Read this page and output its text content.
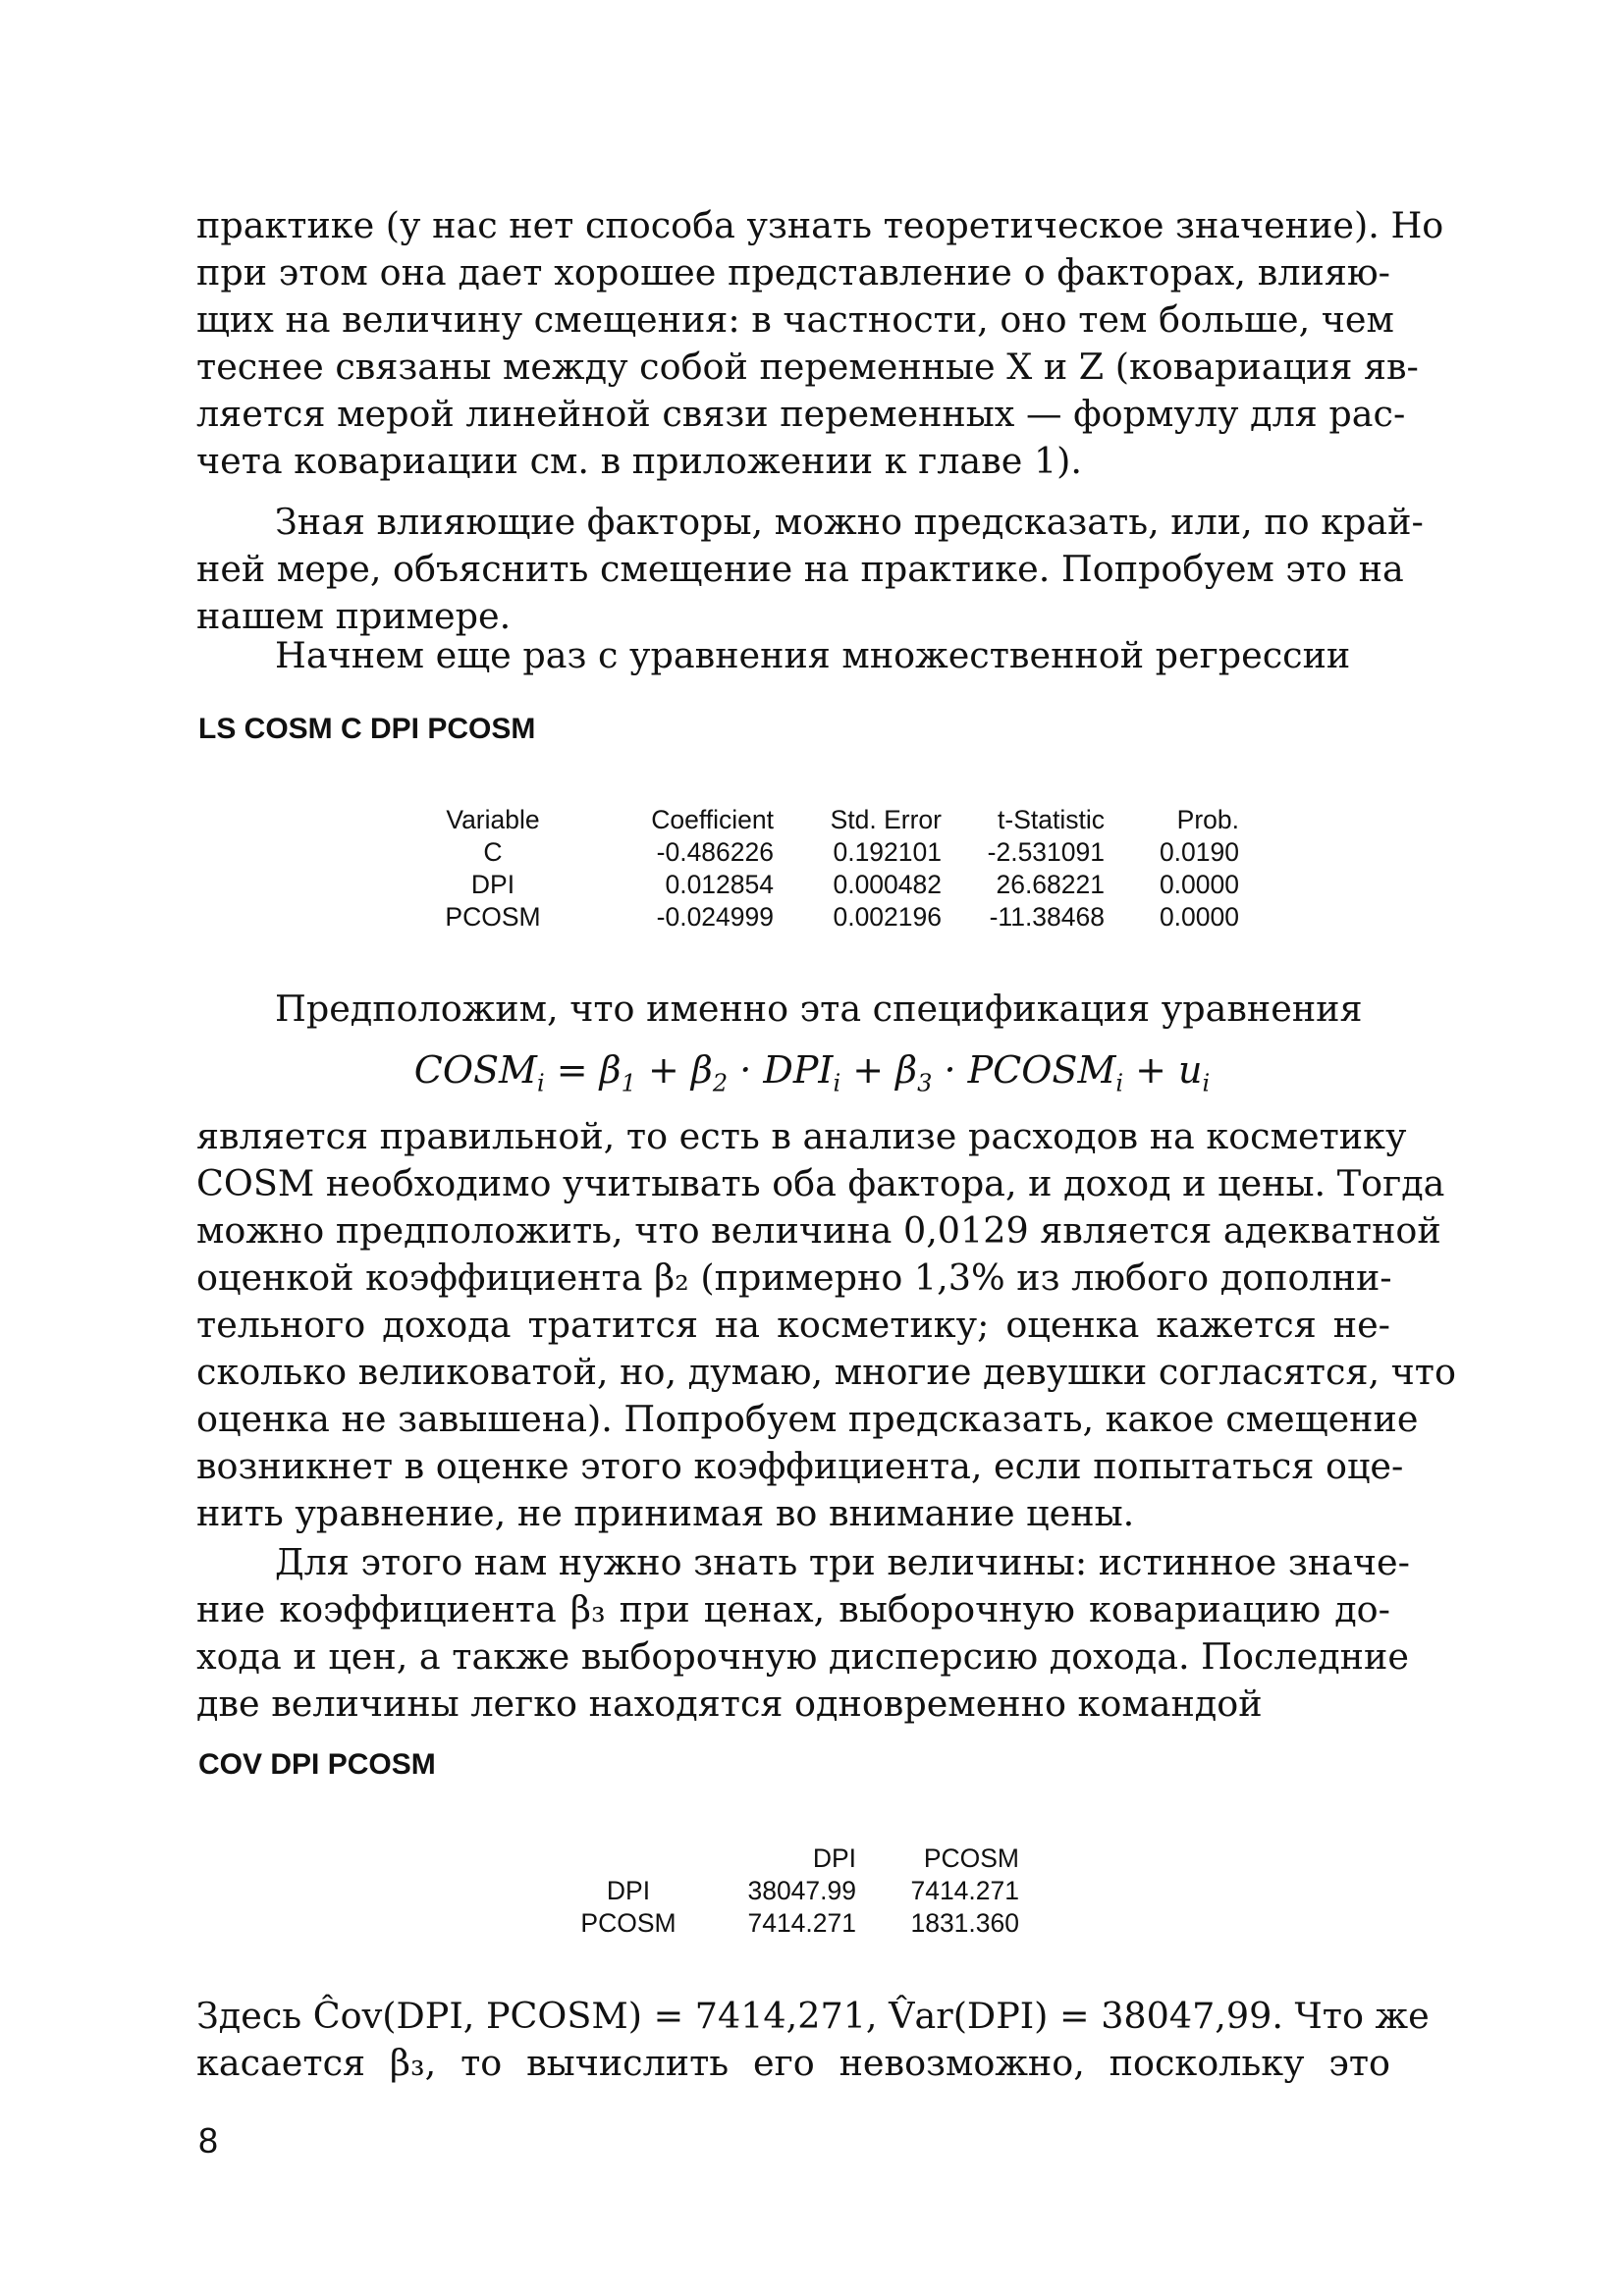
практике (у нас нет способа узнать теоретическое значение). Но
при этом она дает хорошее представление о факторах, влияю-
щих на величину смещения: в частности, оно тем больше, чем
теснее связаны между собой переменные X и Z (ковариация яв-
ляется мерой линейной связи переменных — формулу для рас-
чета ковариации см. в приложении к главе 1).

Зная влияющие факторы, можно предсказать, или, по край-
ней мере, объяснить смещение на практике. Попробуем это на
нашем примере.

Начнем еще раз с уравнения множественной регрессии

LS COSM C DPI PCOSM
Variable	Coefficient	Std. Error	t-Statistic	Prob.
C	-0.486226	0.192101	-2.531091	0.0190
DPI	0.012854	0.000482	26.68221	0.0000
PCOSM	-0.024999	0.002196	-11.38468	0.0000

Предположим, что именно эта спецификация уравнения

$COSM_i = \beta_1 + \beta_2 \cdot DPI_i + \beta_3$ · $PCOSM_i + u_i$

является правильной, то есть в анализе расходов на косметику
COSM необходимо учитывать оба фактора, и доход и цены. Тогда
можно предположить, что величина 0,0129 является адекватной
оценкой коэффициента β₂ (примерно 1,3% из любого дополни-
тельного дохода тратится на косметику; оценка кажется не-
сколько великоватой, но, думаю, многие девушки согласятся, что
оценка не завышена). Попробуем предсказать, какое смещение
возникнет в оценке этого коэффициента, если попытаться оце-
нить уравнение, не принимая во внимание цены.

Для этого нам нужно знать три величины: истинное значе-
ние коэффициента β₃ при ценах, выборочную ковариацию до-
хода и цен, а также выборочную дисперсию дохода. Последние
две величины легко находятся одновременно командой

COV DPI PCOSM
	DPI	PCOSM
DPI	38047.99	7414.271
PCOSM	7414.271	1831.360

Здесь Ĉov(DPI, PCOSM) = 7414,271, V̂ar(DPI) = 38047,99. Что же
касается β₃, то вычислить его невозможно, поскольку это

8
